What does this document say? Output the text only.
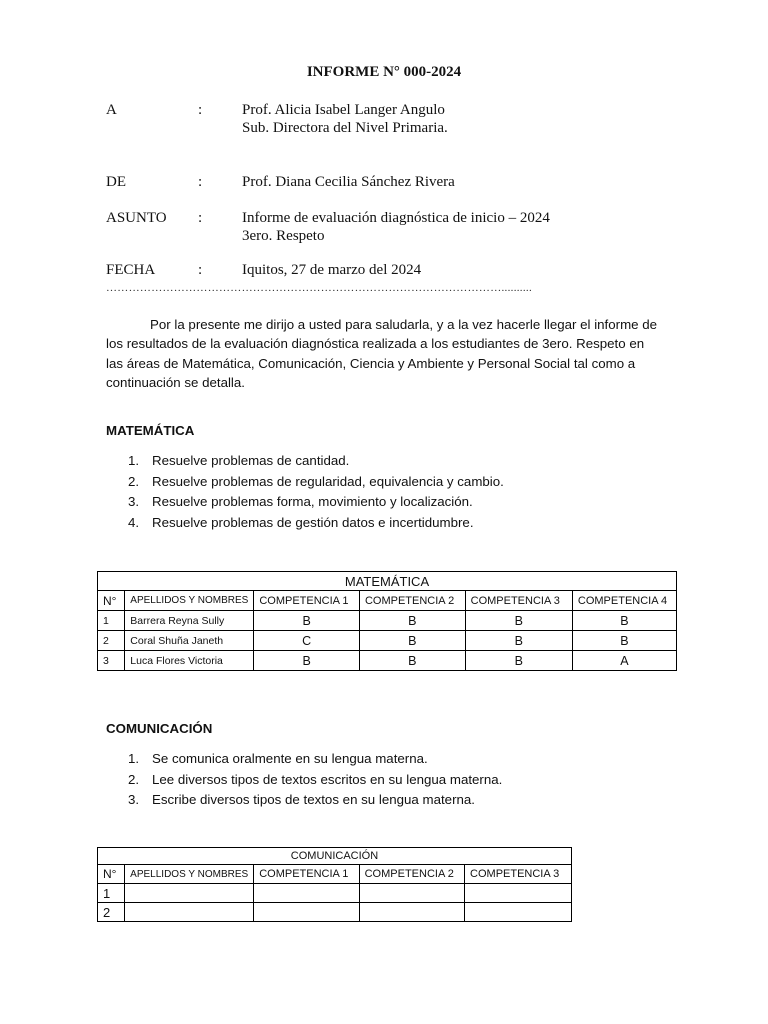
INFORME N° 000-2024
A	:	Prof. Alicia Isabel Langer Angulo
Sub. Directora del Nivel Primaria.
DE	:	Prof. Diana Cecilia Sánchez Rivera
ASUNTO :	Informe de evaluación diagnóstica de inicio – 2024
3ero. Respeto
FECHA	:	Iquitos, 27 de marzo del 2024
……………………………………………………………………………………………..........
Por la presente me dirijo a usted para saludarla, y a la vez hacerle llegar el informe de los resultados de la evaluación diagnóstica realizada a los estudiantes de 3ero. Respeto en las áreas de Matemática, Comunicación, Ciencia y Ambiente y Personal Social tal como a continuación se detalla.
MATEMÁTICA
1. Resuelve problemas de cantidad.
2. Resuelve problemas de regularidad, equivalencia y cambio.
3. Resuelve problemas forma, movimiento y localización.
4. Resuelve problemas de gestión datos e incertidumbre.
MATEMÁTICA					
N°	APELLIDOS Y NOMBRES	COMPETENCIA 1	COMPETENCIA 2	COMPETENCIA 3	COMPETENCIA 4
1	Barrera Reyna Sully	B	B	B	B
2	Coral Shuña Janeth	C	B	B	B
3	Luca Flores Victoria	B	B	B	A
COMUNICACIÓN
1. Se comunica oralmente en su lengua materna.
2. Lee diversos tipos de textos escritos en su lengua materna.
3. Escribe diversos tipos de textos en su lengua materna.
COMUNICACIÓN				
N°	APELLIDOS Y NOMBRES	COMPETENCIA 1	COMPETENCIA 2	COMPETENCIA 3
1				
2				
